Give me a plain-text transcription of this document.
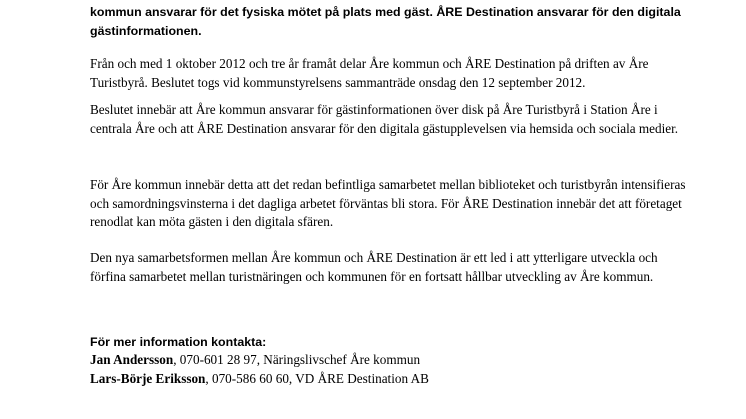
kommun ansvarar för det fysiska mötet på plats med gäst. ÅRE Destination ansvarar för den digitala gästinformationen.
Från och med 1 oktober 2012 och tre år framåt delar Åre kommun och ÅRE Destination på driften av Åre Turistbyrå. Beslutet togs vid kommunstyrelsens sammanträde onsdag den 12 september 2012.
Beslutet innebär att Åre kommun ansvarar för gästinformationen över disk på Åre Turistbyrå i Station Åre i centrala Åre och att ÅRE Destination ansvarar för den digitala gästupplevelsen via hemsida och sociala medier.
För Åre kommun innebär detta att det redan befintliga samarbetet mellan biblioteket och turistbyrån intensifieras och samordningsvinsterna i det dagliga arbetet förväntas bli stora. För ÅRE Destination innebär det att företaget renodlat kan möta gästen i den digitala sfären.
Den nya samarbetsformen mellan Åre kommun och ÅRE Destination är ett led i att ytterligare utveckla och förfina samarbetet mellan turistnäringen och kommunen för en fortsatt hållbar utveckling av Åre kommun.
För mer information kontakta:
Jan Andersson, 070-601 28 97, Näringslivschef Åre kommun
Lars-Börje Eriksson, 070-586 60 60, VD ÅRE Destination AB
